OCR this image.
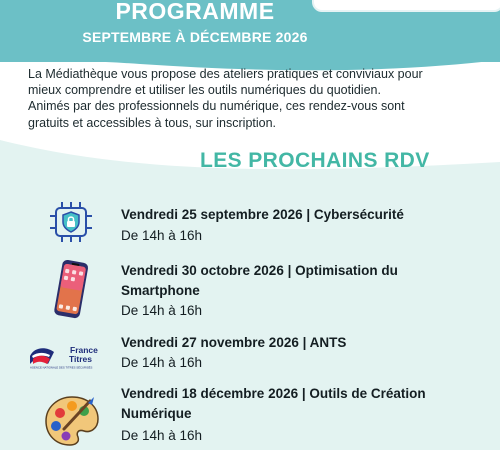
PROGRAMME
SEPTEMBRE À DÉCEMBRE 2026
La Médiathèque vous propose des ateliers pratiques et conviviaux pour
mieux comprendre et utiliser les outils numériques du quotidien.
Animés par des professionnels du numérique, ces rendez-vous sont
gratuits et accessibles à tous, sur inscription.
LES PROCHAINS RDV
Vendredi 25 septembre 2026 | Cybersécurité
De 14h à 16h
Vendredi 30 octobre 2026 | Optimisation du
Smartphone
De 14h à 16h
France
Titres
AGENCE NATIONALE DES TITRES SÉCURISÉS
Vendredi 27 novembre 2026 | ANTS
De 14h à 16h
Vendredi 18 décembre 2026 | Outils de Création
Numérique
De 14h à 16h
